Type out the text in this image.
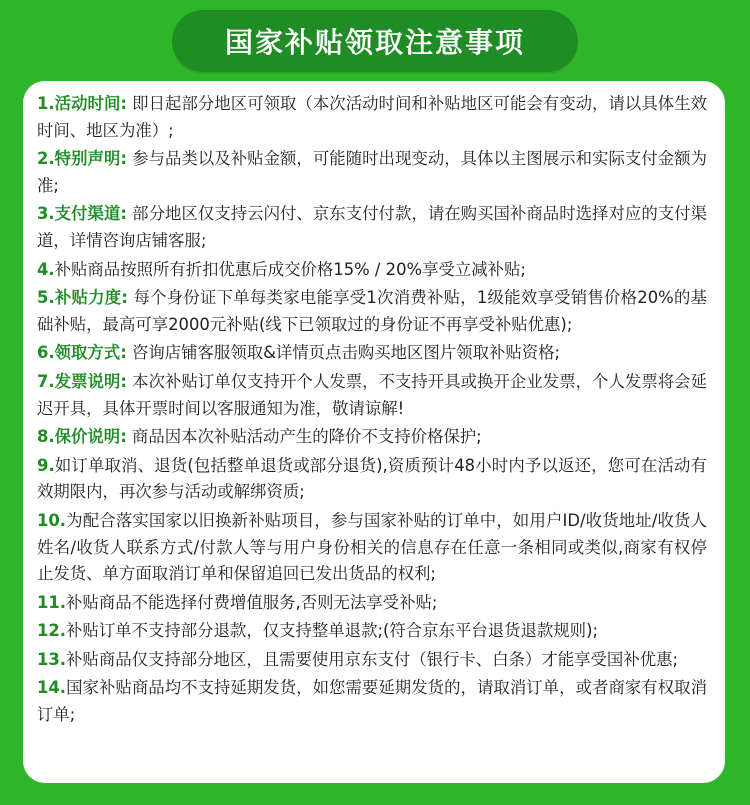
国家补贴领取注意事项

1.活动时间: 即日起部分地区可领取（本次活动时间和补贴地区可能会有变动，请以具体生效时间、地区为准）;

2.特别声明: 参与品类以及补贴金额，可能随时出现变动，具体以主图展示和实际支付金额为准;

3.支付渠道: 部分地区仅支持云闪付、京东支付付款，请在购买国补商品时选择对应的支付渠道，详情咨询店铺客服;

4.补贴商品按照所有折扣优惠后成交价格15% / 20%享受立减补贴;

5.补贴力度: 每个身份证下单每类家电能享受1次消费补贴，1级能效享受销售价格20%的基础补贴，最高可享2000元补贴(线下已领取过的身份证不再享受补贴优惠);

6.领取方式: 咨询店铺客服领取&详情页点击购买地区图片领取补贴资格;

7.发票说明: 本次补贴订单仅支持开个人发票，不支持开具或换开企业发票，个人发票将会延迟开具，具体开票时间以客服通知为准，敬请谅解!

8.保价说明: 商品因本次补贴活动产生的降价不支持价格保护;

9.如订单取消、退货(包括整单退货或部分退货),资质预计48小时内予以返还，您可在活动有效期限内，再次参与活动或解绑资质;

10.为配合落实国家以旧换新补贴项目，参与国家补贴的订单中，如用户ID/收货地址/收货人姓名/收货人联系方式/付款人等与用户身份相关的信息存在任意一条相同或类似,商家有权停止发货、单方面取消订单和保留追回已发出货品的权利;

11.补贴商品不能选择付费增值服务,否则无法享受补贴;

12.补贴订单不支持部分退款，仅支持整单退款;(符合京东平台退货退款规则);

13.补贴商品仅支持部分地区，且需要使用京东支付（银行卡、白条）才能享受国补优惠;

14.国家补贴商品均不支持延期发货，如您需要延期发货的，请取消订单，或者商家有权取消订单;
